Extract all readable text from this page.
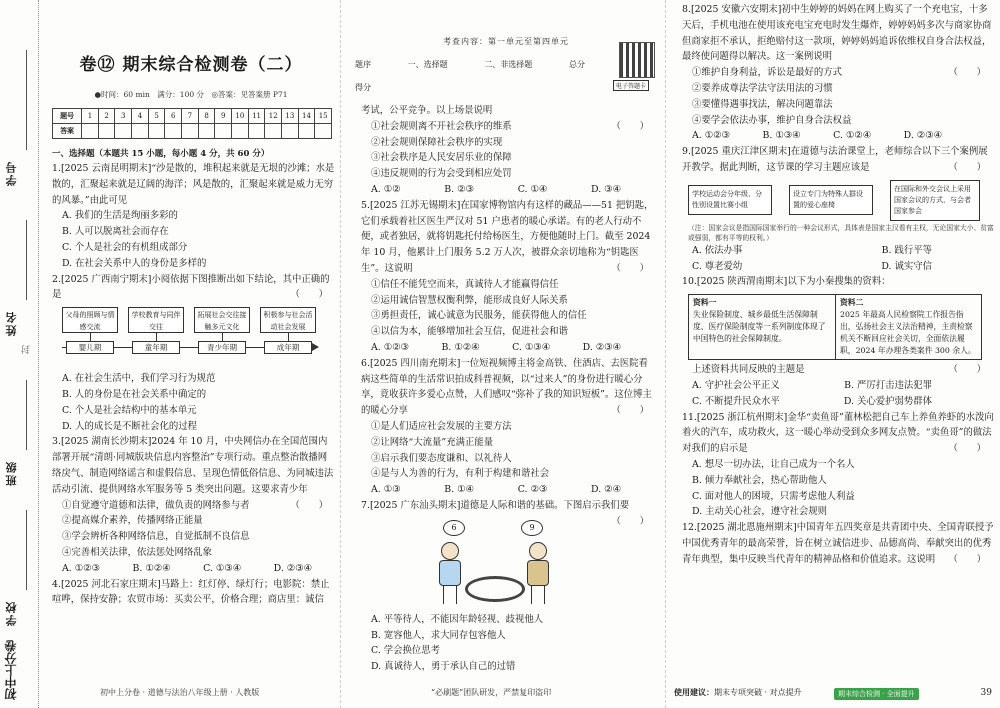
学号
姓名
封
班级
学校
初中上分卷
卷⑫ 期末综合检测卷（二）
●时间：60 min　满分：100 分　◎答案：见答案册 P71
题号	1	2	3	4	5	6	7	8	9	10	11	12	13	14	15
答案															
一、选择题（本题共 15 小题，每小题 4 分，共 60 分）
1.[2025 云南昆明期末]“沙是散的，堆积起来就是无垠的沙滩；水是散的，汇聚起来就是辽阔的海洋；风是散的，汇聚起来就是威力无穷的风暴。”由此可见
A. 我们的生活是绚丽多彩的
B. 人可以脱离社会而存在
C. 个人是社会的有机组成部分
D. 在社会关系中人的身份是多样的
2.[2025 广西南宁期末]小阅依据下图推断出如下结论，其中正确的是	（　　）
父母的照顾与情感交流
学校教育与同伴交往
拓展社会交往接触多元文化
积极参与社会活动社会发展
婴儿期	童年期	青少年期	成年期
A. 在社会生活中，我们学习行为规范
B. 人的身份是在社会关系中确定的
C. 个人是社会结构中的基本单元
D. 人的成长是不断社会化的过程
3.[2025 湖南长沙期末]2024 年 10 月，中央网信办在全国范围内部署开展“清朗·同城版块信息内容整治”专项行动。重点整治散播网络戾气、制造网络谣言和虚假信息、呈现色情低俗信息、为同城违法活动引流、提供网络水军服务等 5 类突出问题。这要求青少年
（　　）
①自觉遵守道德和法律，做负责的网络参与者
②提高媒介素养，传播网络正能量
③学会辨析各种网络信息，自觉抵制不良信息
④完善相关法律，依法惩处网络乱象
A. ①②③	B. ①②④	C. ①③④	D. ②③④
4.[2025 河北石家庄期末]马路上：红灯停、绿灯行；电影院：禁止喧哗，保持安静；农贸市场：买卖公平，价格合理；商店里：诚信
初中上分卷 · 道德与法治八年级上册 · 人教版
考查内容：第一单元至第四单元
题序	一、选择题	二、非选择题	总分
得分	电子答题卡
考试，公平竞争。以上场景说明
①社会规则离不开社会秩序的维系	（　　）
②社会规则保障社会秩序的实现
③社会秩序是人民安居乐业的保障
④违反规则的行为会受到相应处罚
A. ①②	B. ②③	C. ①④	D. ③④
5.[2025 江苏无锡期末]在国家博物馆内有这样的藏品——51 把钥匙，它们承载着社区医生严汉对 51 户患者的暖心承诺。有的老人行动不便，或者独居，就将钥匙托付给杨医生，方便他随时上门。截至 2024 年 10 月，他累计上门服务 5.2 万人次，被群众亲切地称为“钥匙医生”。这说明	（　　）
①信任不能凭空而来，真诚待人才能赢得信任
②运用诚信智慧权衡利弊，能形成良好人际关系
③勇担责任，诚心诚意为民服务，能获得他人的信任
④以信为本，能够增加社会互信，促进社会和谐
A. ①②③	B. ①②④	C. ①③④	D. ②③④
6.[2025 四川南充期末]一位短视频博主将金高铁、住酒店、去医院看病这些简单的生活常识拍成科普视频，以“过来人”的身份进行暖心分享，竟收获许多爱心点赞，人们感叹“弥补了我的知识短板”。这位博主的暖心分享	（　　）
①是人们适应社会发展的主要方法
②让网络“大流量”充满正能量
③启示我们要态度谦和、以礼待人
④是与人为善的行为，有利于构建和谐社会
A. ①③	B. ①④	C. ②③	D. ②④
7.[2025 广东汕头期末]道德是人际和谐的基础。下图启示我们要
（　　）
6	9
A. 平等待人，不能因年龄轻视、歧视他人
B. 宽容他人，求大同存包容他人
C. 学会换位思考
D. 真诚待人，勇于承认自己的过错
“必刷题”团队研发，严禁复印盗印
8.[2025 安徽六安期末]初中生婷婷的妈妈在网上购买了一个充电宝，十多天后，手机电池在使用该充电宝充电时发生爆炸，婷婷妈妈多次与商家协商但商家拒不承认，拒绝赔付这一款项，婷婷妈妈追诉依维权自身合法权益，最终使问题得以解决。这一案例说明
①维护自身利益，诉讼是最好的方式	（　　）
②要养成尊法学法守法用法的习惯
③要懂得遇事找法，解决问题靠法
④要学会依法办事，维护自身合法权益
A. ①②③	B. ①③④	C. ①②④	D. ②③④
9.[2025 重庆江津区期末]在道德与法治课堂上，老师综合以下三个案例展开教学。据此判断，这节课的学习主题应该是	（　　）
学校运动会分年级、分性别设置比赛小组
设立专门为特殊人群设置的爱心座椅
在国际和外交会议上采用国家会议的方式，与会者国家参会
（注：国家会议是指国际国家举行的一种会议形式，具体表是国家主汉看有主权，无论国家大小、贫富或强弱，都有平等的权利。）
A. 依法办事	B. 践行平等
C. 尊老爱幼	D. 诚实守信
10.[2025 陕西渭南期末]以下为小秦搜集的资料：
资料一
失业保险制度、城乡最低生活保障制度、医疗保险制度等一系列制度体现了中国特色的社会保障制度。
资料二
2025 年最高人民检察院工作报告指出，弘扬社会主义法治精神，主责检察机关不断回应社会关切，全面依法履职，2024 年办理各类案件 300 余人。
上述资料共同反映的主题是	（　　）
A. 守护社会公平正义	B. 严厉打击违法犯罪
C. 不断提升民众水平	D. 关心爱护弱势群体
11.[2025 浙江杭州期末]金华“卖鱼哥”董林松把自己车上养鱼养虾的水泼向着火的汽车，成功救火，这一暖心举动受到众多网友点赞。“卖鱼哥”的做法对我们的启示是	（　　）
A. 想尽一切办法，让自己成为一个名人
B. 倾力奉献社会，热心帮助他人
C. 面对他人的困境，只需考虑他人利益
D. 主动关心社会，遵守社会规则
12.[2025 湖北恩施州期末]中国青年五四奖章是共青团中央、全国青联授予中国优秀青年的最高荣誉，旨在树立诚信进步、品德高尚、奉献突出的优秀青年典型，集中反映当代青年的精神品格和价值追求。这说明 （　　）
使用建议：期末专项突破 · 对点提升	期末综合检测 · 全面提升	39
